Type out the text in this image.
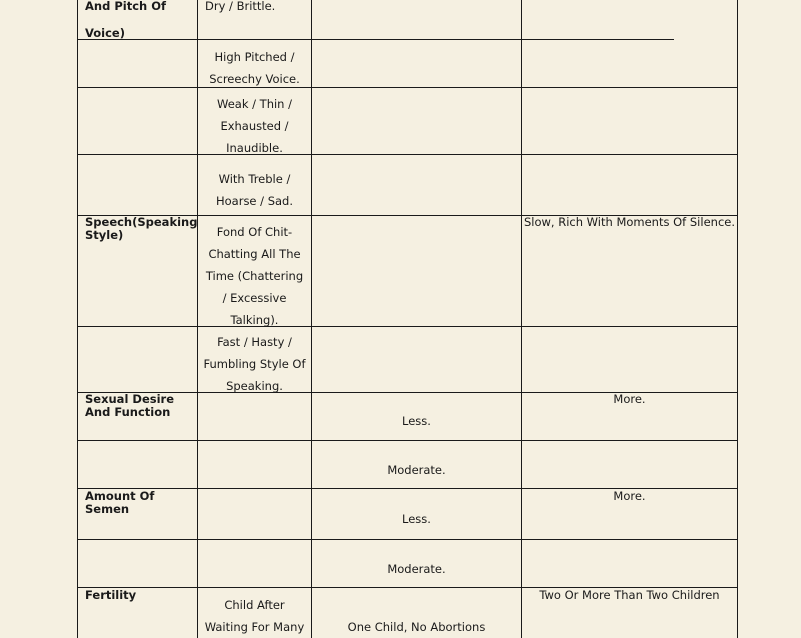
And Pitch Of
Voice)
Dry / Brittle.
High Pitched /
Screechy Voice.
Weak / Thin /
Exhausted /
Inaudible.
With Treble /
Hoarse / Sad.
Speech(Speaking
Style)	Fond Of Chit-
Chatting All The
Time (Chattering
/ Excessive
Talking).
Slow, Rich With Moments Of Silence.
Fast / Hasty /
Fumbling Style Of
Speaking.
Sexual Desire
And Function
Less.
More.
Moderate.
Amount Of
Semen
Less.
More.
Moderate.
Fertility
Child After
Waiting For Many	One Child, No Abortions
Two Or More Than Two Children
